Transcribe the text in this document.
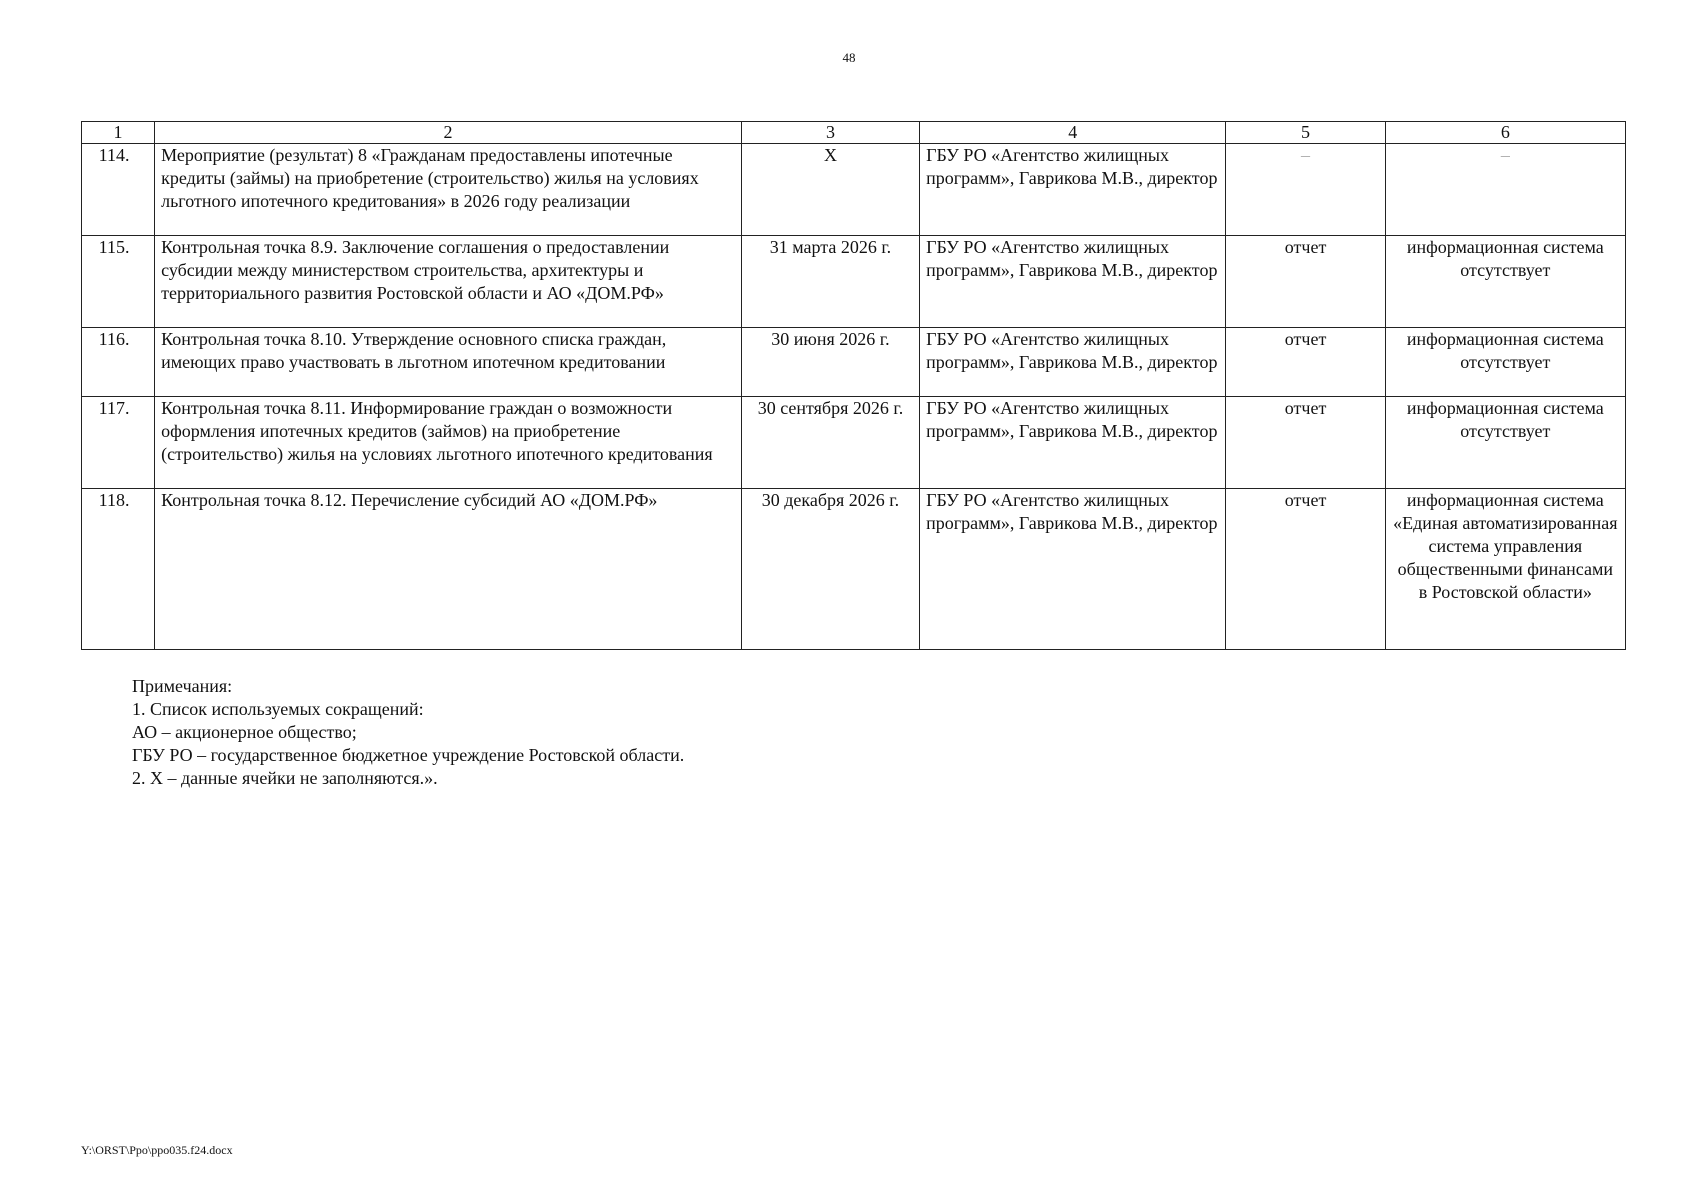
48
1	2	3	4	5	6
114.	Мероприятие (результат) 8 «Гражданам предоставлены ипотечные кредиты (займы) на приобретение (строительство) жилья на условиях льготного ипотечного кредитования» в 2026 году реализации	X	ГБУ РО «Агентство жилищных программ», Гаврикова М.В., директор	–	–
115.	Контрольная точка 8.9. Заключение соглашения о предоставлении субсидии между министерством строительства, архитектуры и территориального развития Ростовской области и АО «ДОМ.РФ»	31 марта 2026 г.	ГБУ РО «Агентство жилищных программ», Гаврикова М.В., директор	отчет	информационная система отсутствует
116.	Контрольная точка 8.10. Утверждение основного списка граждан, имеющих право участвовать в льготном ипотечном кредитовании	30 июня 2026 г.	ГБУ РО «Агентство жилищных программ», Гаврикова М.В., директор	отчет	информационная система отсутствует
117.	Контрольная точка 8.11. Информирование граждан о возможности оформления ипотечных кредитов (займов) на приобретение (строительство) жилья на условиях льготного ипотечного кредитования	30 сентября 2026 г.	ГБУ РО «Агентство жилищных программ», Гаврикова М.В., директор	отчет	информационная система отсутствует
118.	Контрольная точка 8.12. Перечисление субсидий АО «ДОМ.РФ»	30 декабря 2026 г.	ГБУ РО «Агентство жилищных программ», Гаврикова М.В., директор	отчет	информационная система «Единая автоматизированная система управления общественными финансами в Ростовской области»

Примечания:

1. Список используемых сокращений:

АО – акционерное общество;

ГБУ РО – государственное бюджетное учреждение Ростовской области.

2. X – данные ячейки не заполняются.».

Y:\ORST\Ppo\ppo035.f24.docx
